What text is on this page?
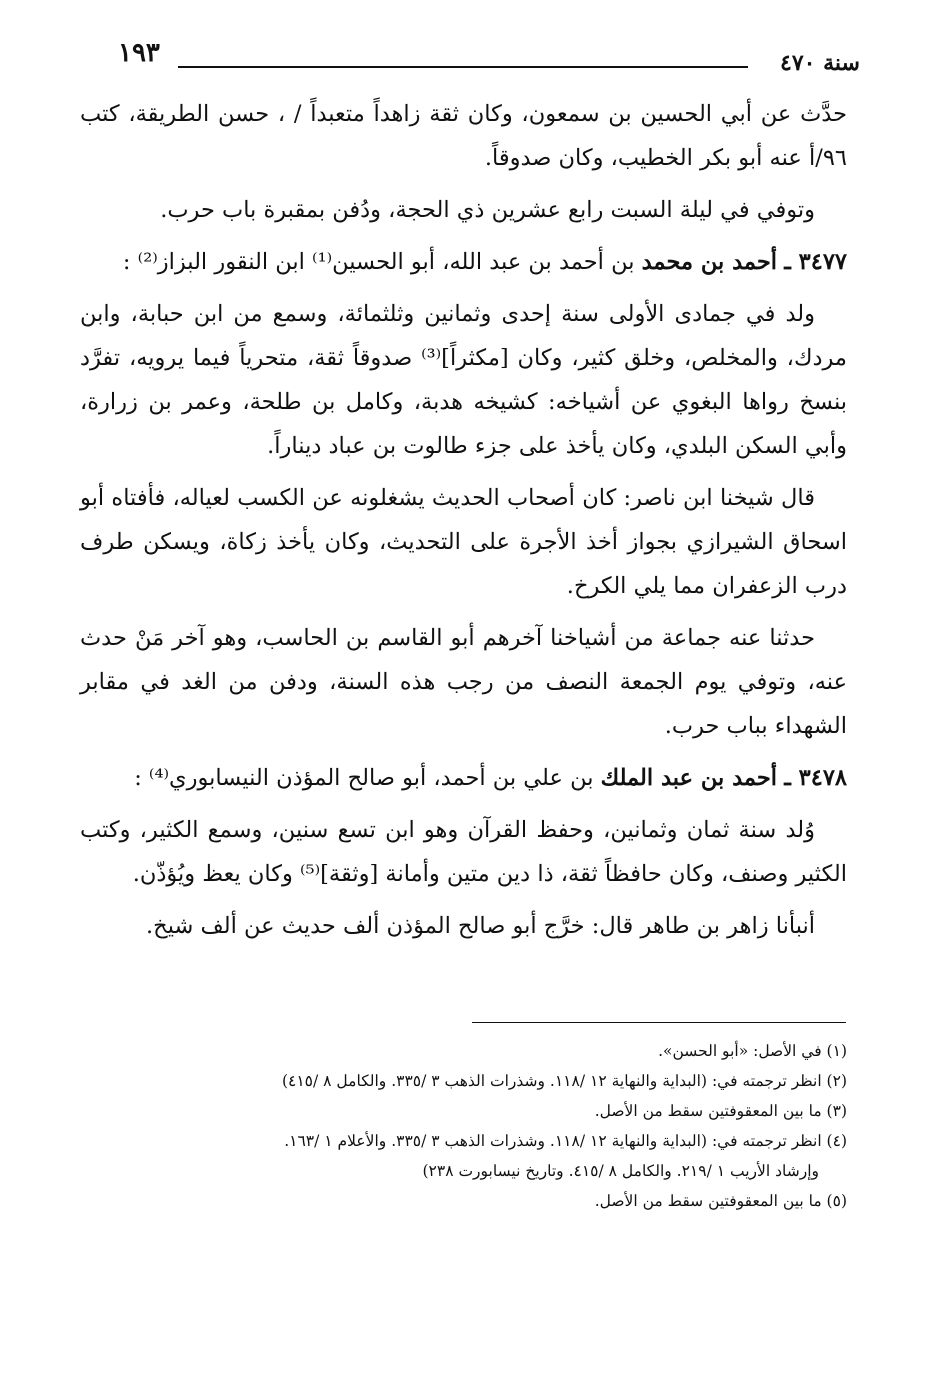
١٩٣	سنة ٤٧٠

حدَّث عن أبي الحسين بن سمعون، وكان ثقة زاهداً متعبداً / ، حسن الطريقة، كتب ٩٦/أ عنه أبو بكر الخطيب، وكان صدوقاً.

وتوفي في ليلة السبت رابع عشرين ذي الحجة، ودُفن بمقبرة باب حرب.

٣٤٧٧ ـ أحمد بن محمد بن أحمد بن عبد الله، أبو الحسين⁽¹⁾ ابن النقور البزاز⁽²⁾ :

ولد في جمادى الأولى سنة إحدى وثمانين وثلثمائة، وسمع من ابن حبابة، وابن مردك، والمخلص، وخلق كثير، وكان [مكثراً]⁽³⁾ صدوقاً ثقة، متحرياً فيما يرويه، تفرَّد بنسخ رواها البغوي عن أشياخه: كشيخه هدبة، وكامل بن طلحة، وعمر بن زرارة، وأبي السكن البلدي، وكان يأخذ على جزء طالوت بن عباد ديناراً.

قال شيخنا ابن ناصر: كان أصحاب الحديث يشغلونه عن الكسب لعياله، فأفتاه أبو اسحاق الشيرازي بجواز أخذ الأجرة على التحديث، وكان يأخذ زكاة، ويسكن طرف درب الزعفران مما يلي الكرخ.

حدثنا عنه جماعة من أشياخنا آخرهم أبو القاسم بن الحاسب، وهو آخر مَنْ حدث عنه، وتوفي يوم الجمعة النصف من رجب هذه السنة، ودفن من الغد في مقابر الشهداء بباب حرب.

٣٤٧٨ ـ أحمد بن عبد الملك بن علي بن أحمد، أبو صالح المؤذن النيسابوري⁽⁴⁾ :

وُلد سنة ثمان وثمانين، وحفظ القرآن وهو ابن تسع سنين، وسمع الكثير، وكتب الكثير وصنف، وكان حافظاً ثقة، ذا دين متين وأمانة [وثقة]⁽⁵⁾ وكان يعظ ويُؤذّن.

أنبأنا زاهر بن طاهر قال: خرَّج أبو صالح المؤذن ألف حديث عن ألف شيخ.

(١) في الأصل: «أبو الحسن».
(٢) انظر ترجمته في: (البداية والنهاية ١٢ /١١٨. وشذرات الذهب ٣ /٣٣٥. والكامل ٨ /٤١٥)
(٣) ما بين المعقوفتين سقط من الأصل.
(٤) انظر ترجمته في: (البداية والنهاية ١٢ /١١٨. وشذرات الذهب ٣ /٣٣٥. والأعلام ١ /١٦٣.
وإرشاد الأريب ١ /٢١٩. والكامل ٨ /٤١٥. وتاريخ نيسابورت ٢٣٨)
(٥) ما بين المعقوفتين سقط من الأصل.
